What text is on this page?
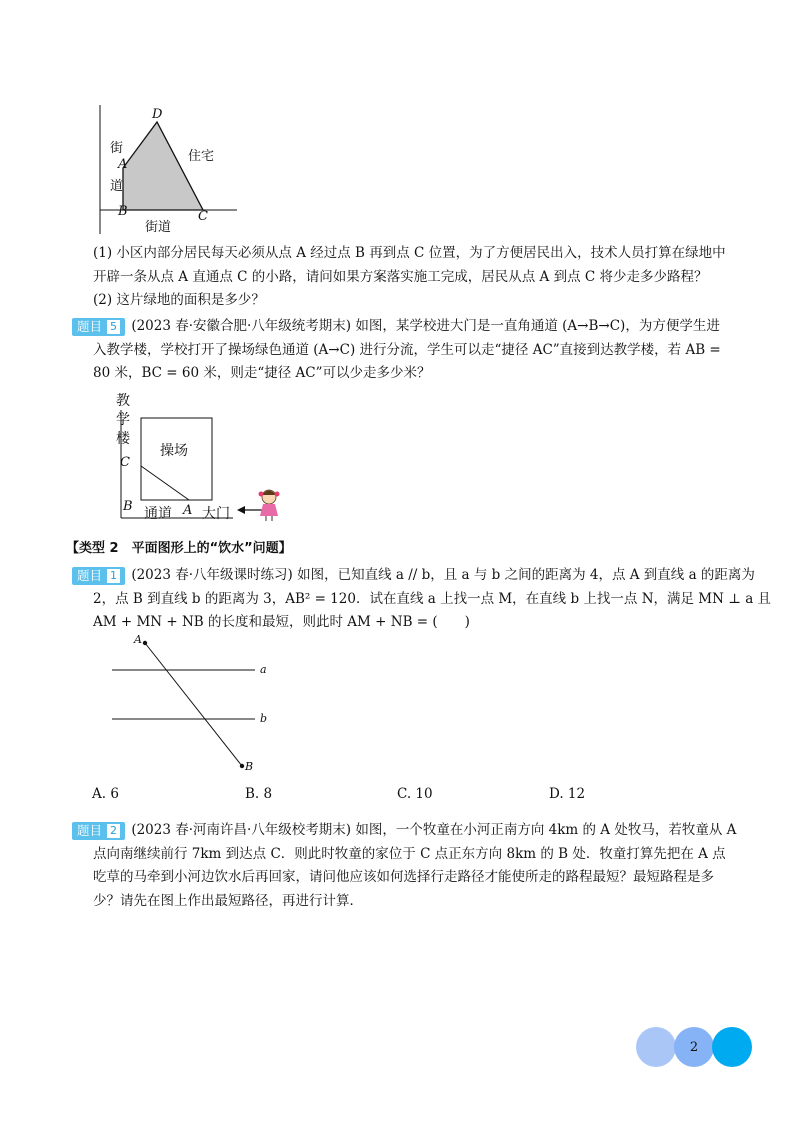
D
A
B	C
街
道
街道
住宅
(1) 小区内部分居民每天必须从点 A 经过点 B 再到点 C 位置，为了方便居民出入，技术人员打算在绿地中
开辟一条从点 A 直通点 C 的小路，请问如果方案落实施工完成，居民从点 A 到点 C 将少走多少路程？
(2) 这片绿地的面积是多少？
题目 5 (2023 春·安徽合肥·八年级统考期末) 如图，某学校进大门是一直角通道 (A→B→C)，为方便学生进
入教学楼，学校打开了操场绿色通道 (A→C) 进行分流，学生可以走“捷径 AC”直接到达教学楼，若 AB =
80 米，BC = 60 米，则走“捷径 AC”可以少走多少米？
教
学
楼
操场
C
B 通道 A 大门
【类型 2　平面图形上的“饮水”问题】
题目 1 (2023 春·八年级课时练习) 如图，已知直线 a // b，且 a 与 b 之间的距离为 4，点 A 到直线 a 的距离为
2，点 B 到直线 b 的距离为 3，AB² = 120．试在直线 a 上找一点 M，在直线 b 上找一点 N，满足 MN ⊥ a 且
AM + MN + NB 的长度和最短，则此时 AM + NB = (　　)
A
B
a
b
A. 6	B. 8	C. 10	D. 12
题目 2 (2023 春·河南许昌·八年级校考期末) 如图，一个牧童在小河正南方向 4km 的 A 处牧马，若牧童从 A
点向南继续前行 7km 到达点 C．则此时牧童的家位于 C 点正东方向 8km 的 B 处．牧童打算先把在 A 点
吃草的马牵到小河边饮水后再回家，请问他应该如何选择行走路径才能使所走的路程最短？最短路程是多
少？请先在图上作出最短路径，再进行计算．
2
